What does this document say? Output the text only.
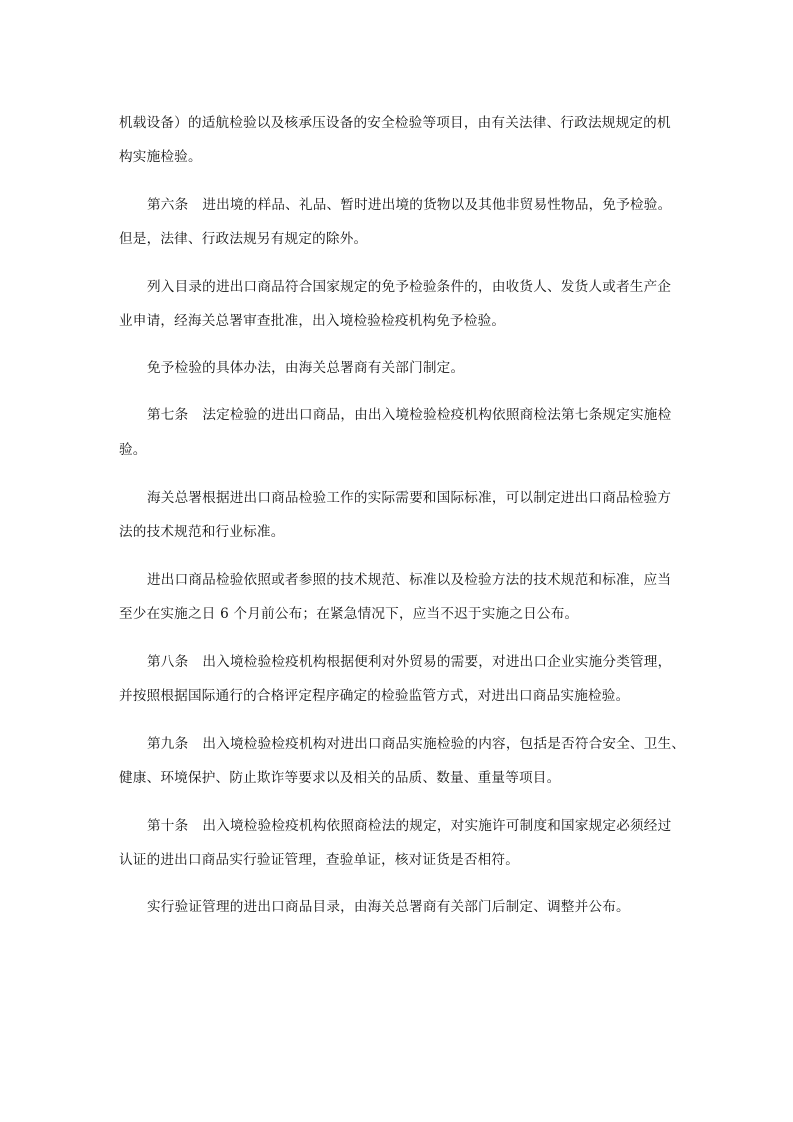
机载设备）的适航检验以及核承压设备的安全检验等项目，由有关法律、行政法规规定的机
构实施检验。
第六条 进出境的样品、礼品、暂时进出境的货物以及其他非贸易性物品，免予检验。
但是，法律、行政法规另有规定的除外。
列入目录的进出口商品符合国家规定的免予检验条件的，由收货人、发货人或者生产企
业申请，经海关总署审查批准，出入境检验检疫机构免予检验。
免予检验的具体办法，由海关总署商有关部门制定。
第七条 法定检验的进出口商品，由出入境检验检疫机构依照商检法第七条规定实施检
验。
海关总署根据进出口商品检验工作的实际需要和国际标准，可以制定进出口商品检验方
法的技术规范和行业标准。
进出口商品检验依照或者参照的技术规范、标准以及检验方法的技术规范和标准，应当
至少在实施之日 6 个月前公布；在紧急情况下，应当不迟于实施之日公布。
第八条 出入境检验检疫机构根据便利对外贸易的需要，对进出口企业实施分类管理，
并按照根据国际通行的合格评定程序确定的检验监管方式，对进出口商品实施检验。
第九条 出入境检验检疫机构对进出口商品实施检验的内容，包括是否符合安全、卫生、
健康、环境保护、防止欺诈等要求以及相关的品质、数量、重量等项目。
第十条 出入境检验检疫机构依照商检法的规定，对实施许可制度和国家规定必须经过
认证的进出口商品实行验证管理，查验单证，核对证货是否相符。
实行验证管理的进出口商品目录，由海关总署商有关部门后制定、调整并公布。
